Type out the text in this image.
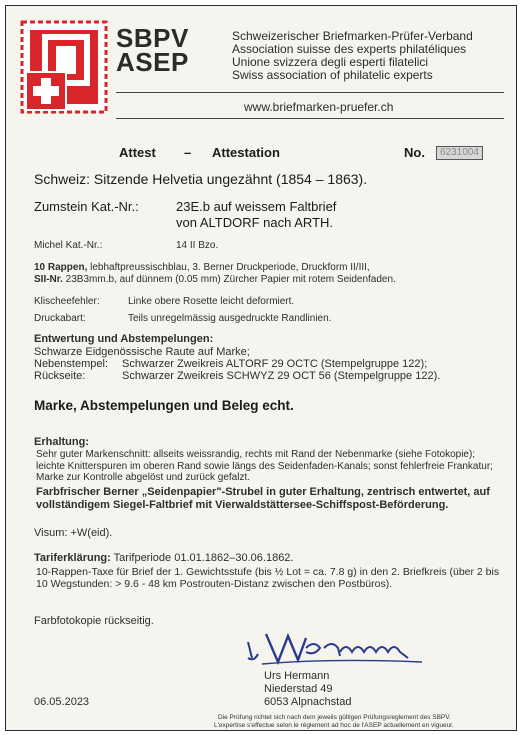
SBPV
ASEP
Schweizerischer Briefmarken-Prüfer-Verband
Association suisse des experts philatéliques
Unione svizzera degli esperti filatelici
Swiss association of philatelic experts
www.briefmarken-pruefer.ch
Attest – Attestation	No.	6231004
Schweiz: Sitzende Helvetia ungezähnt (1854 – 1863).
Zumstein Kat.-Nr.:	23E.b auf weissem Faltbrief
von ALTDORF nach ARTH.
Michel Kat.-Nr.:	14 II Bzo.
10 Rappen, lebhaftpreussischblau, 3. Berner Druckperiode, Druckform II/III,
SII-Nr. 23B3mm.b, auf dünnem (0.05 mm) Zürcher Papier mit rotem Seidenfaden.
Klischeefehler:	Linke obere Rosette leicht deformiert.
Druckabart:	Teils unregelmässig ausgedruckte Randlinien.
Entwertung und Abstempelungen:
Schwarze Eidgenössische Raute auf Marke;
Nebenstempel: Schwarzer Zweikreis ALTORF 29 OCTC (Stempelgruppe 122);
Rückseite:	Schwarzer Zweikreis SCHWYZ 29 OCT 56 (Stempelgruppe 122).
Marke, Abstempelungen und Beleg echt.
Erhaltung:
Sehr guter Markenschnitt: allseits weissrandig, rechts mit Rand der Nebenmarke (siehe Fotokopie); leichte Knitterspuren im oberen Rand sowie längs des Seidenfaden-Kanals; sonst fehlerfreie Frankatur; Marke zur Kontrolle abgelöst und zurück gefalzt.
Farbfrischer Berner „Seidenpapier"-Strubel in guter Erhaltung, zentrisch entwertet, auf vollständigem Siegel-Faltbrief mit Vierwaldstättersee-Schiffspost-Beförderung.
Visum: +W(eid).
Tariferklärung: Tarifperiode 01.01.1862–30.06.1862.
10-Rappen-Taxe für Brief der 1. Gewichtsstufe (bis ½ Lot = ca. 7.8 g) in den 2. Briefkreis (über 2 bis 10 Wegstunden: > 9.6 - 48 km Postrouten-Distanz zwischen den Postbüros).
Farbfotokopie rückseitig.
Urs Hermann
Niederstad 49
6053 Alpnachstad
06.05.2023
Die Prüfung richtet sich nach dem jeweils gültigen Prüfungsreglement des SBPV.
L'expertise s'effectue selon le règlement ad hoc de l'ASEP actuellement en vigueur.
